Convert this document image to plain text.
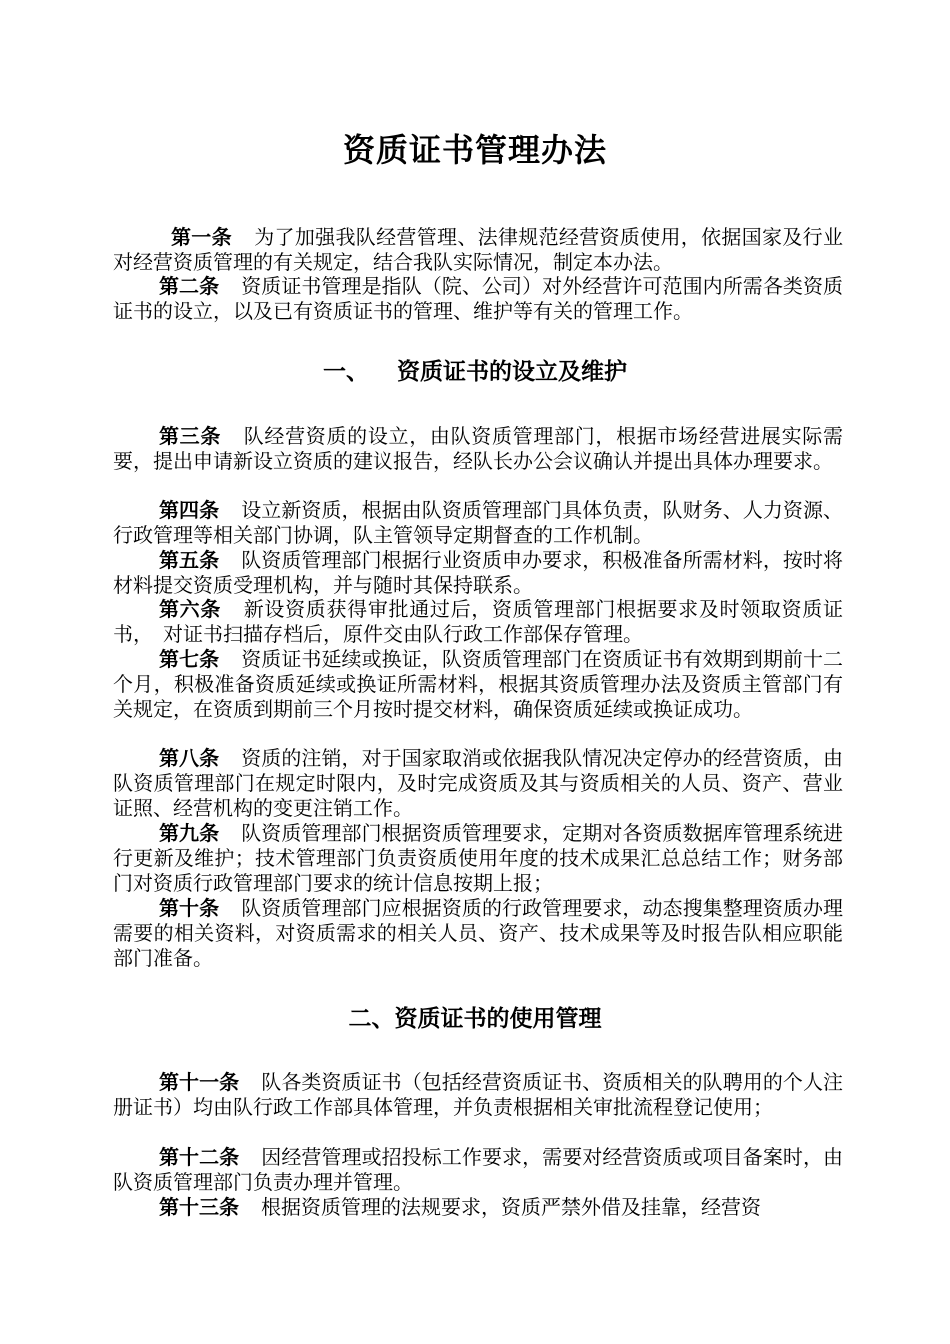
资质证书管理办法

第一条 为了加强我队经营管理、法律规范经营资质使用，依据国家及行业对经营资质管理的有关规定，结合我队实际情况，制定本办法。

第二条 资质证书管理是指队（院、公司）对外经营许可范围内所需各类资质证书的设立，以及已有资质证书的管理、维护等有关的管理工作。

一、 资质证书的设立及维护

第三条 队经营资质的设立，由队资质管理部门，根据市场经营进展实际需要，提出申请新设立资质的建议报告，经队长办公会议确认并提出具体办理要求。

第四条 设立新资质，根据由队资质管理部门具体负责，队财务、人力资源、行政管理等相关部门协调，队主管领导定期督查的工作机制。

第五条 队资质管理部门根据行业资质申办要求，积极准备所需材料，按时将材料提交资质受理机构，并与随时其保持联系。

第六条 新设资质获得审批通过后，资质管理部门根据要求及时领取资质证书，　对证书扫描存档后，原件交由队行政工作部保存管理。

第七条 资质证书延续或换证，队资质管理部门在资质证书有效期到期前十二个月，积极准备资质延续或换证所需材料，根据其资质管理办法及资质主管部门有关规定，在资质到期前三个月按时提交材料，确保资质延续或换证成功。

第八条 资质的注销，对于国家取消或依据我队情况决定停办的经营资质，由队资质管理部门在规定时限内，及时完成资质及其与资质相关的人员、资产、营业证照、经营机构的变更注销工作。

第九条 队资质管理部门根据资质管理要求，定期对各资质数据库管理系统进行更新及维护；技术管理部门负责资质使用年度的技术成果汇总总结工作；财务部门对资质行政管理部门要求的统计信息按期上报；

第十条 队资质管理部门应根据资质的行政管理要求，动态搜集整理资质办理需要的相关资料，对资质需求的相关人员、资产、技术成果等及时报告队相应职能部门准备。

二、资质证书的使用管理

第十一条 队各类资质证书（包括经营资质证书、资质相关的队聘用的个人注册证书）均由队行政工作部具体管理，并负责根据相关审批流程登记使用；

第十二条 因经营管理或招投标工作要求，需要对经营资质或项目备案时，由队资质管理部门负责办理并管理。

第十三条 根据资质管理的法规要求，资质严禁外借及挂靠，经营资
